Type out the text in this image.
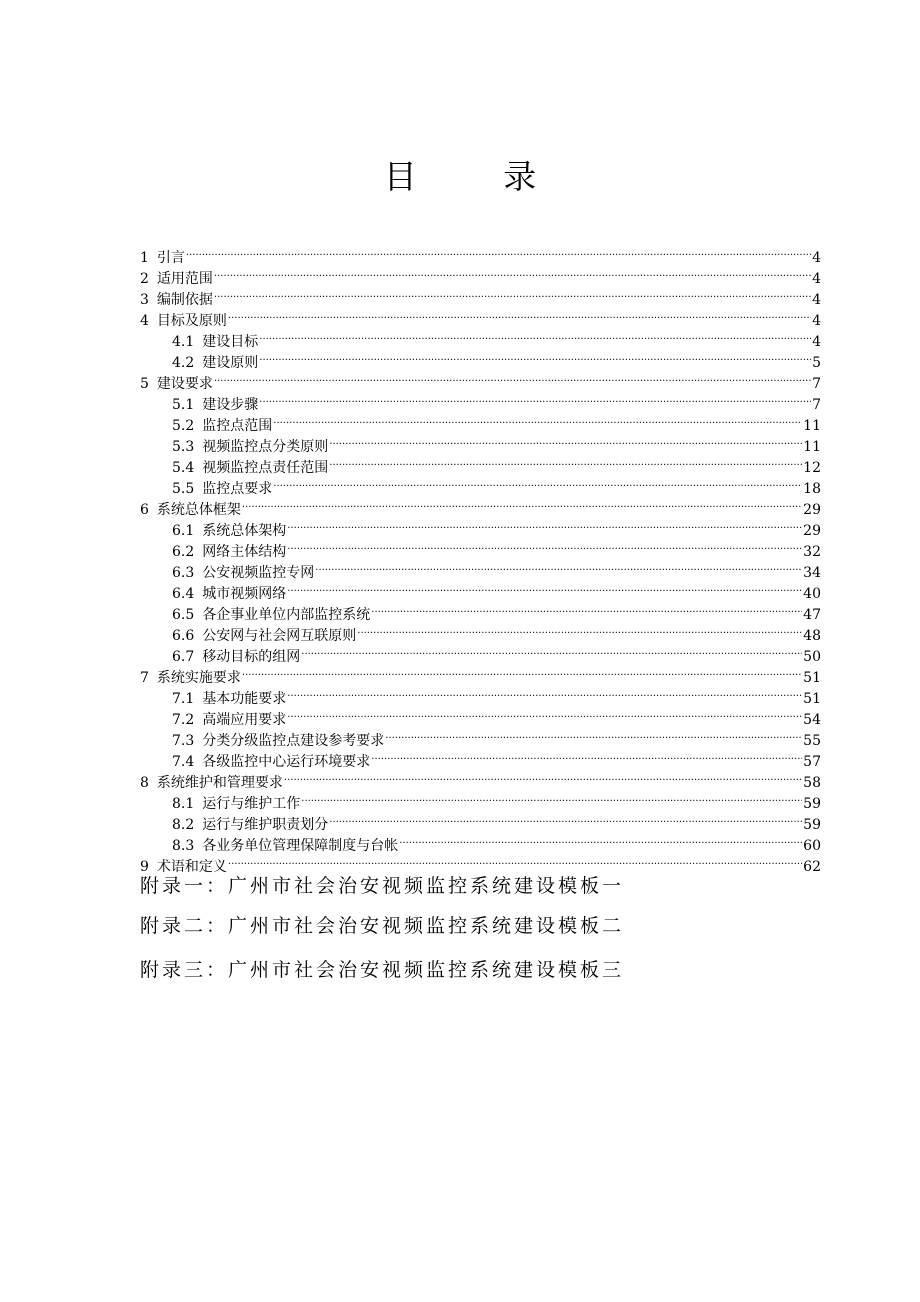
目 录
1 引言 .....	4
2 适用范围 .....	4
3 编制依据 .....	4
4 目标及原则 .....	4
4.1 建设目标 .....	4
4.2 建设原则 .....	5
5 建设要求 .....	7
5.1 建设步骤 .....	7
5.2 监控点范围 .....	11
5.3 视频监控点分类原则 .....	11
5.4 视频监控点责任范围 .....	12
5.5 监控点要求 .....	18
6 系统总体框架 .....	29
6.1 系统总体架构 .....	29
6.2 网络主体结构 .....	32
6.3 公安视频监控专网 .....	34
6.4 城市视频网络 .....	40
6.5 各企事业单位内部监控系统 .....	47
6.6 公安网与社会网互联原则 .....	48
6.7 移动目标的组网 .....	50
7 系统实施要求 .....	51
7.1 基本功能要求 .....	51
7.2 高端应用要求 .....	54
7.3 分类分级监控点建设参考要求 .....	55
7.4 各级监控中心运行环境要求 .....	57
8 系统维护和管理要求 .....	58
8.1 运行与维护工作 .....	59
8.2 运行与维护职责划分 .....	59
8.3 各业务单位管理保障制度与台帐 .....	60
9 术语和定义 .....	62
附录一：广州市社会治安视频监控系统建设模板一
附录二：广州市社会治安视频监控系统建设模板二
附录三：广州市社会治安视频监控系统建设模板三
